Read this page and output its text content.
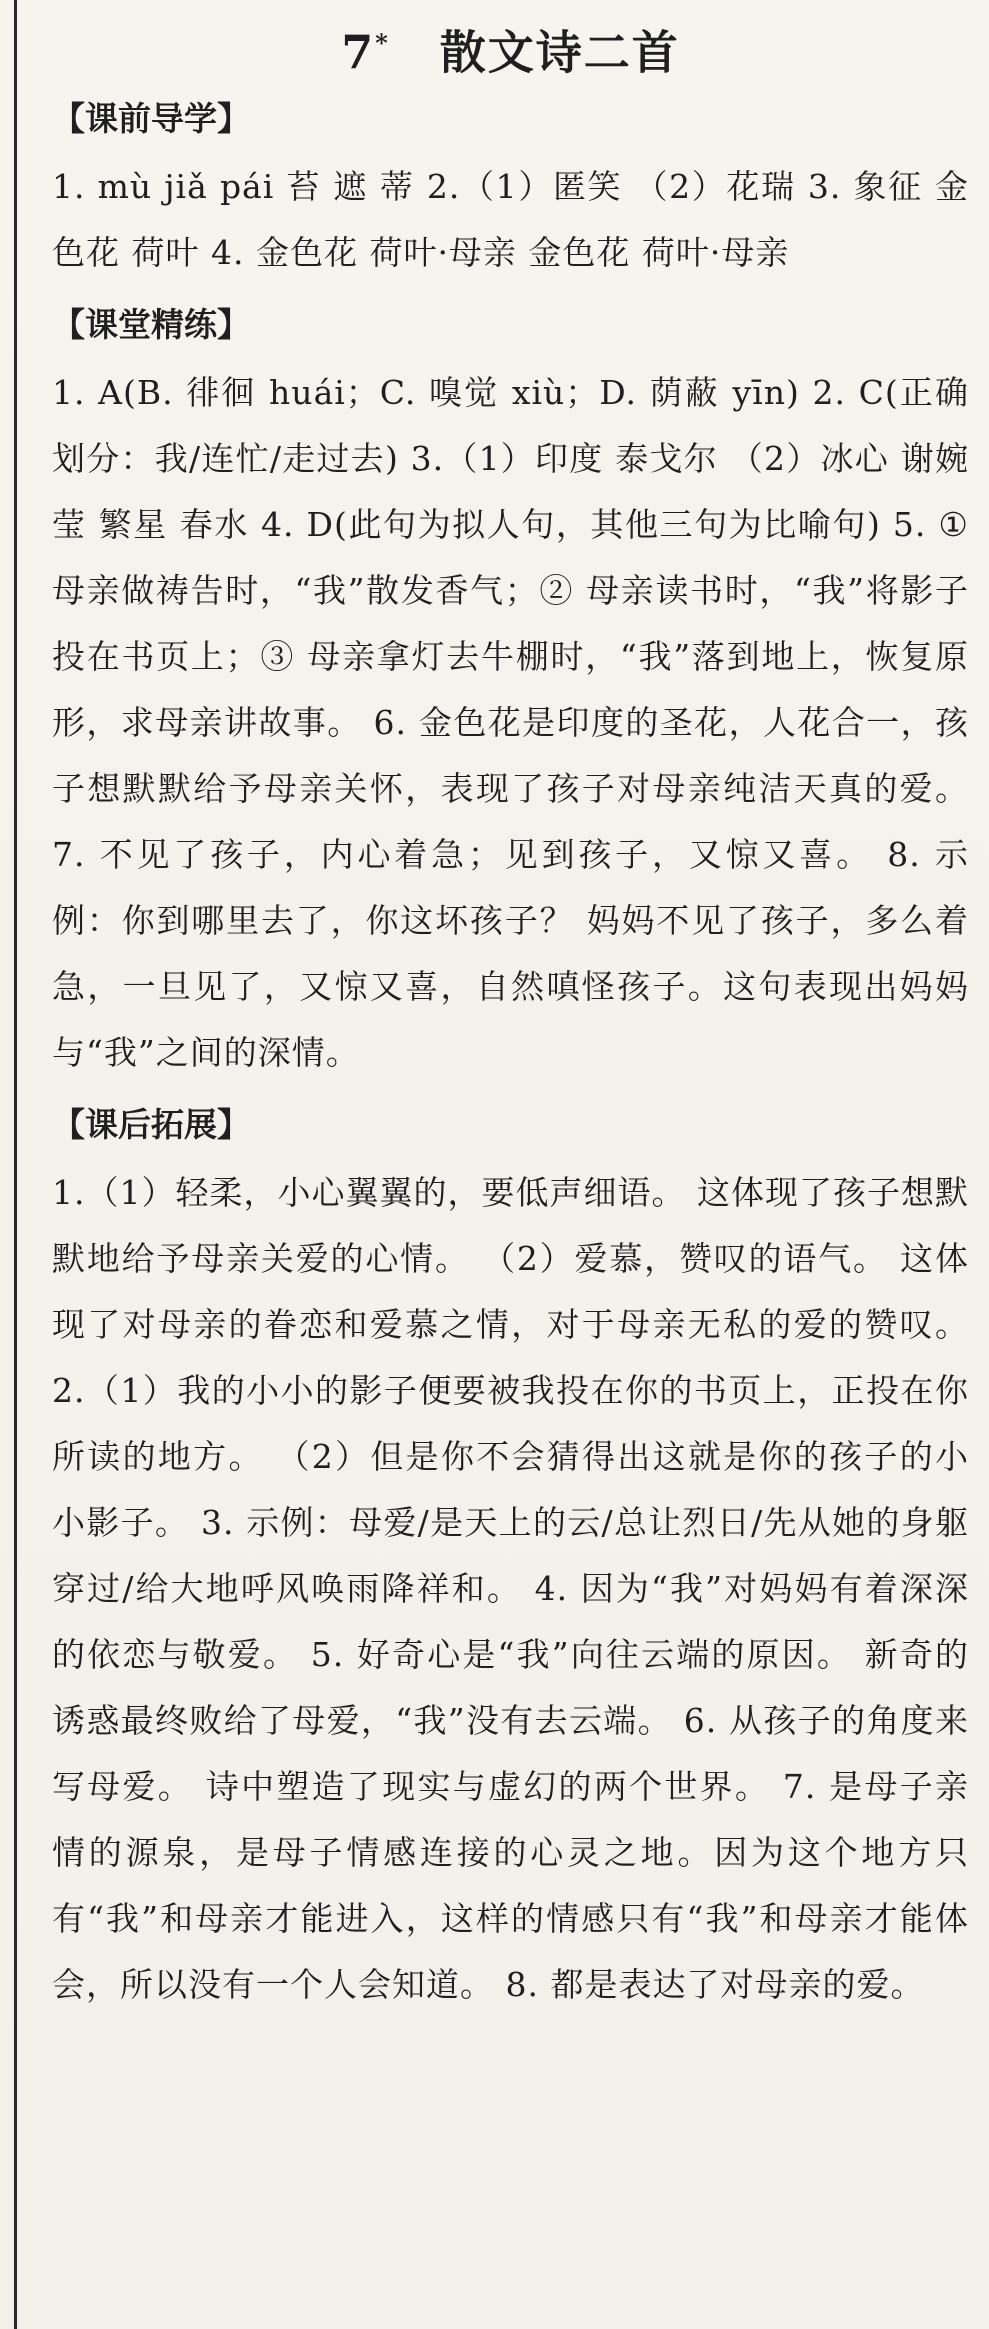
7* 散文诗二首
【课前导学】

1. mù jiǎ pái 苔 遮 蒂 2.（1）匿笑 （2）花瑞 3. 象征 金色花 荷叶 4. 金色花 荷叶·母亲 金色花 荷叶·母亲

【课堂精练】

1. A(B. 徘徊 huái；C. 嗅觉 xiù；D. 荫蔽 yīn) 2. C(正确划分：我/连忙/走过去) 3.（1）印度 泰戈尔 （2）冰心 谢婉莹 繁星 春水 4. D(此句为拟人句，其他三句为比喻句) 5. ① 母亲做祷告时，“我”散发香气；② 母亲读书时，“我”将影子投在书页上；③ 母亲拿灯去牛棚时，“我”落到地上，恢复原形，求母亲讲故事。 6. 金色花是印度的圣花，人花合一，孩子想默默给予母亲关怀，表现了孩子对母亲纯洁天真的爱。 7. 不见了孩子，内心着急；见到孩子，又惊又喜。 8. 示例：你到哪里去了，你这坏孩子？ 妈妈不见了孩子，多么着急，一旦见了，又惊又喜，自然嗔怪孩子。这句表现出妈妈与“我”之间的深情。

【课后拓展】

1.（1）轻柔，小心翼翼的，要低声细语。 这体现了孩子想默默地给予母亲关爱的心情。 （2）爱慕，赞叹的语气。 这体现了对母亲的眷恋和爱慕之情，对于母亲无私的爱的赞叹。 2.（1）我的小小的影子便要被我投在你的书页上，正投在你所读的地方。 （2）但是你不会猜得出这就是你的孩子的小小影子。 3. 示例：母爱/是天上的云/总让烈日/先从她的身躯穿过/给大地呼风唤雨降祥和。 4. 因为“我”对妈妈有着深深的依恋与敬爱。 5. 好奇心是“我”向往云端的原因。 新奇的诱惑最终败给了母爱，“我”没有去云端。 6. 从孩子的角度来写母爱。 诗中塑造了现实与虚幻的两个世界。 7. 是母子亲情的源泉，是母子情感连接的心灵之地。因为这个地方只有“我”和母亲才能进入，这样的情感只有“我”和母亲才能体会，所以没有一个人会知道。 8. 都是表达了对母亲的爱。
